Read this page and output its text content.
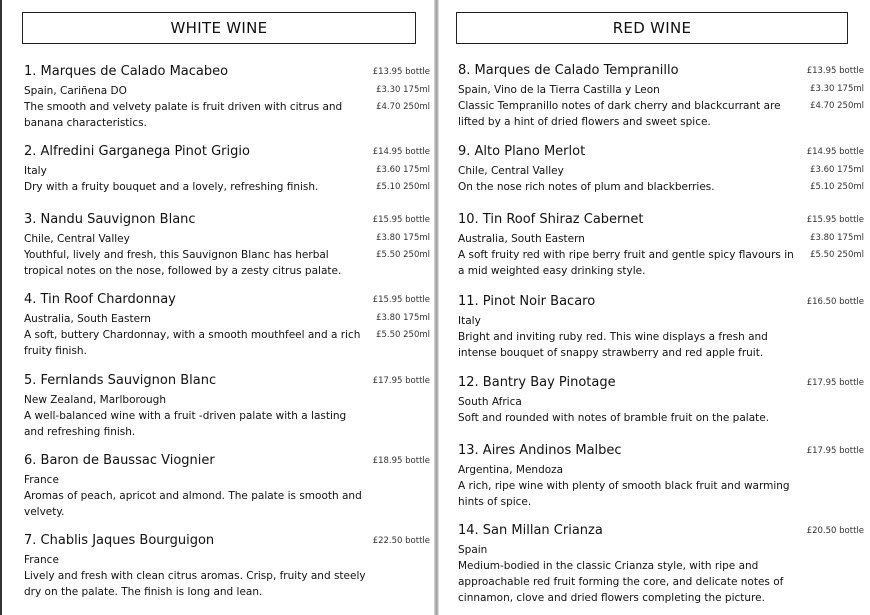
WHITE WINE
1. Marques de Calado Macabeo
Spain, Cariñena DO
The smooth and velvety palate is fruit driven with citrus and banana characteristics.
£13.95 bottle
£3.30 175ml
£4.70 250ml
2. Alfredini Garganega Pinot Grigio
Italy
Dry with a fruity bouquet and a lovely, refreshing finish.
£14.95 bottle
£3.60 175ml
£5.10 250ml
3. Nandu Sauvignon Blanc
Chile, Central Valley
Youthful, lively and fresh, this Sauvignon Blanc has herbal tropical notes on the nose, followed by a zesty citrus palate.
£15.95 bottle
£3.80 175ml
£5.50 250ml
4. Tin Roof Chardonnay
Australia, South Eastern
A soft, buttery Chardonnay, with a smooth mouthfeel and a rich fruity finish.
£15.95 bottle
£3.80 175ml
£5.50 250ml
5. Fernlands Sauvignon Blanc
New Zealand, Marlborough
A well-balanced wine with a fruit -driven palate with a lasting and refreshing finish.
£17.95 bottle
6. Baron de Baussac Viognier
France
Aromas of peach, apricot and almond. The palate is smooth and velvety.
£18.95 bottle
7. Chablis Jaques Bourguigon
France
Lively and fresh with clean citrus aromas. Crisp, fruity and steely dry on the palate. The finish is long and lean.
£22.50 bottle
RED WINE
8. Marques de Calado Tempranillo
Spain, Vino de la Tierra Castilla y Leon
Classic Tempranillo notes of dark cherry and blackcurrant are lifted by a hint of dried flowers and sweet spice.
£13.95 bottle
£3.30 175ml
£4.70 250ml
9. Alto Plano Merlot
Chile, Central Valley
On the nose rich notes of plum and blackberries.
£14.95 bottle
£3.60 175ml
£5.10 250ml
10. Tin Roof Shiraz Cabernet
Australia, South Eastern
A soft fruity red with ripe berry fruit and gentle spicy flavours in a mid weighted easy drinking style.
£15.95 bottle
£3.80 175ml
£5.50 250ml
11. Pinot Noir Bacaro
Italy
Bright and inviting ruby red. This wine displays a fresh and intense bouquet of snappy strawberry and red apple fruit.
£16.50 bottle
12. Bantry Bay Pinotage
South Africa
Soft and rounded with notes of bramble fruit on the palate.
£17.95 bottle
13. Aires Andinos Malbec
Argentina, Mendoza
A rich, ripe wine with plenty of smooth black fruit and warming hints of spice.
£17.95 bottle
14. San Millan Crianza
Spain
Medium-bodied in the classic Crianza style, with ripe and approachable red fruit forming the core, and delicate notes of cinnamon, clove and dried flowers completing the picture.
£20.50 bottle
